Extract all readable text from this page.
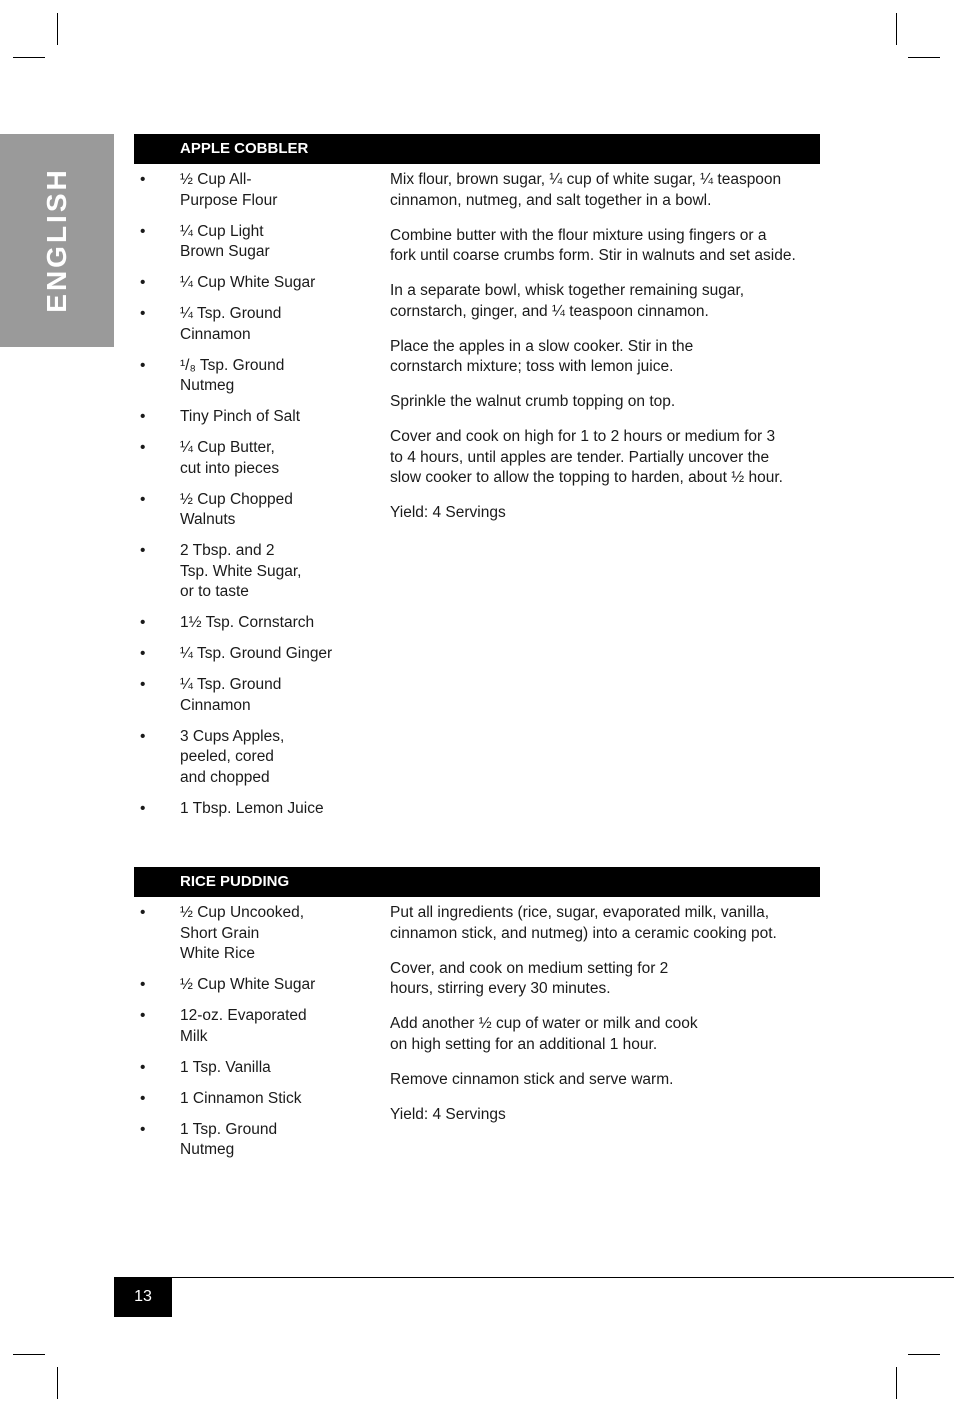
ENGLISH
APPLE COBBLER
• ½ Cup All-
Purpose Flour
• ¼ Cup Light
Brown Sugar
• ¼ Cup White Sugar
• ¼ Tsp. Ground
Cinnamon
• ¹/₈ Tsp. Ground
Nutmeg
• Tiny Pinch of Salt
• ¼ Cup Butter,
cut into pieces
• ½ Cup Chopped
Walnuts
• 2 Tbsp. and 2
Tsp. White Sugar,
or to taste
• 1½ Tsp. Cornstarch
• ¼ Tsp. Ground Ginger
• ¼ Tsp. Ground
Cinnamon
• 3 Cups Apples,
peeled, cored
and chopped
• 1 Tbsp. Lemon Juice

Mix flour, brown sugar, ¼ cup of white sugar, ¼ teaspoon
cinnamon, nutmeg, and salt together in a bowl.

Combine butter with the flour mixture using fingers or a
fork until coarse crumbs form. Stir in walnuts and set aside.

In a separate bowl, whisk together remaining sugar,
cornstarch, ginger, and ¼ teaspoon cinnamon.

Place the apples in a slow cooker. Stir in the
cornstarch mixture; toss with lemon juice.

Sprinkle the walnut crumb topping on top.

Cover and cook on high for 1 to 2 hours or medium for 3
to 4 hours, until apples are tender. Partially uncover the
slow cooker to allow the topping to harden, about ½ hour.

Yield: 4 Servings

RICE PUDDING
• ½ Cup Uncooked,
Short Grain
White Rice
• ½ Cup White Sugar
• 12-oz. Evaporated
Milk
• 1 Tsp. Vanilla
• 1 Cinnamon Stick
• 1 Tsp. Ground
Nutmeg

Put all ingredients (rice, sugar, evaporated milk, vanilla,
cinnamon stick, and nutmeg) into a ceramic cooking pot.

Cover, and cook on medium setting for 2
hours, stirring every 30 minutes.

Add another ½ cup of water or milk and cook
on high setting for an additional 1 hour.

Remove cinnamon stick and serve warm.

Yield: 4 Servings

13
